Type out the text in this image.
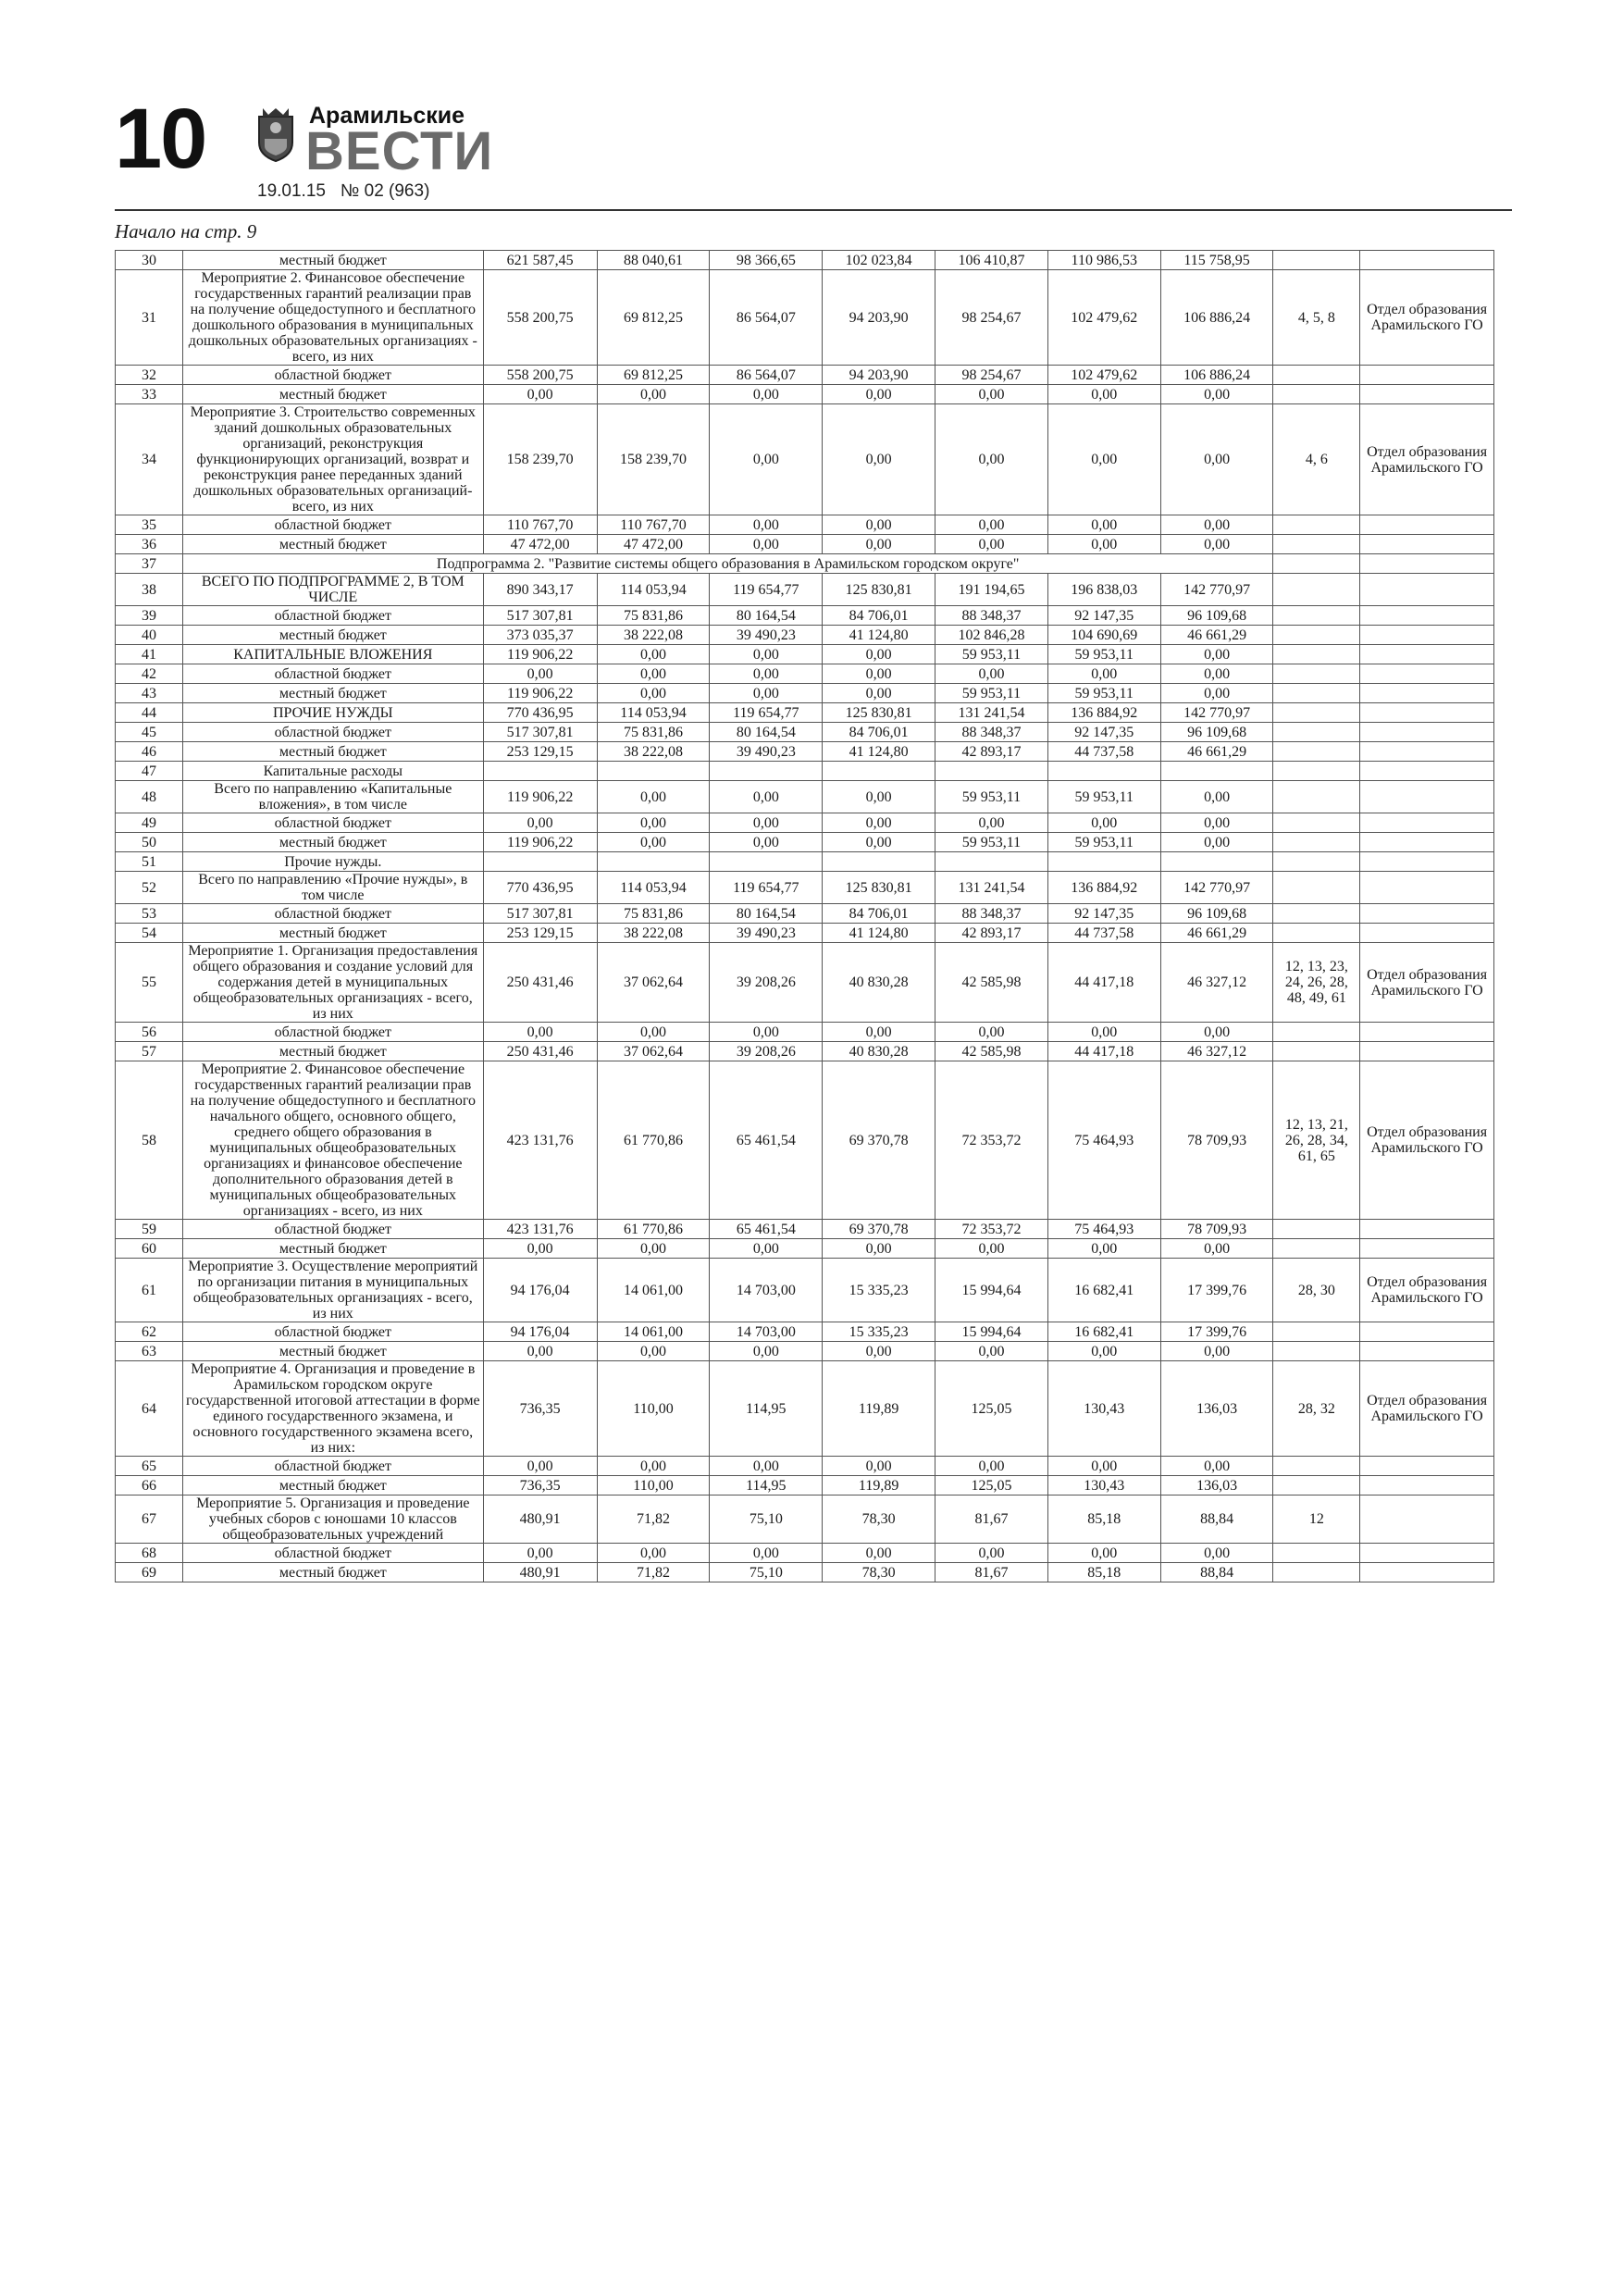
10	Арамильские
ВЕСТИ
19.01.15 № 02 (963)
Начало на стр. 9
30	местный бюджет	621 587,45	88 040,61	98 366,65	102 023,84	106 410,87	110 986,53	115 758,95		
31	Мероприятие 2. Финансовое обеспечение государственных гарантий реализации прав на получение общедоступного и бесплатного дошкольного образования в муниципальных дошкольных образовательных организациях - всего, из них	558 200,75	69 812,25	86 564,07	94 203,90	98 254,67	102 479,62	106 886,24	4, 5, 8	Отдел образования Арамильского ГО
32	областной бюджет	558 200,75	69 812,25	86 564,07	94 203,90	98 254,67	102 479,62	106 886,24		
33	местный бюджет	0,00	0,00	0,00	0,00	0,00	0,00	0,00		
34	Мероприятие 3. Строительство современных зданий дошкольных образовательных организаций, реконструкция функционирующих организаций, возврат и реконструкция ранее переданных зданий дошкольных образовательных организаций-всего, из них	158 239,70	158 239,70	0,00	0,00	0,00	0,00	0,00	4, 6	Отдел образования Арамильского ГО
35	областной бюджет	110 767,70	110 767,70	0,00	0,00	0,00	0,00	0,00		
36	местный бюджет	47 472,00	47 472,00	0,00	0,00	0,00	0,00	0,00		
37	Подпрограмма 2. "Развитие системы общего образования в Арамильском городском округе"									
38	ВСЕГО ПО ПОДПРОГРАММЕ 2, В ТОМ ЧИСЛЕ	890 343,17	114 053,94	119 654,77	125 830,81	191 194,65	196 838,03	142 770,97		
39	областной бюджет	517 307,81	75 831,86	80 164,54	84 706,01	88 348,37	92 147,35	96 109,68		
40	местный бюджет	373 035,37	38 222,08	39 490,23	41 124,80	102 846,28	104 690,69	46 661,29		
41	КАПИТАЛЬНЫЕ ВЛОЖЕНИЯ	119 906,22	0,00	0,00	0,00	59 953,11	59 953,11	0,00		
42	областной бюджет	0,00	0,00	0,00	0,00	0,00	0,00	0,00		
43	местный бюджет	119 906,22	0,00	0,00	0,00	59 953,11	59 953,11	0,00		
44	ПРОЧИЕ НУЖДЫ	770 436,95	114 053,94	119 654,77	125 830,81	131 241,54	136 884,92	142 770,97		
45	областной бюджет	517 307,81	75 831,86	80 164,54	84 706,01	88 348,37	92 147,35	96 109,68		
46	местный бюджет	253 129,15	38 222,08	39 490,23	41 124,80	42 893,17	44 737,58	46 661,29		
47	Капитальные расходы									
48	Всего по направлению «Капитальные вложения», в том числе	119 906,22	0,00	0,00	0,00	59 953,11	59 953,11	0,00		
49	областной бюджет	0,00	0,00	0,00	0,00	0,00	0,00	0,00		
50	местный бюджет	119 906,22	0,00	0,00	0,00	59 953,11	59 953,11	0,00		
51	Прочие нужды.									
52	Всего по направлению «Прочие нужды», в том числе	770 436,95	114 053,94	119 654,77	125 830,81	131 241,54	136 884,92	142 770,97		
53	областной бюджет	517 307,81	75 831,86	80 164,54	84 706,01	88 348,37	92 147,35	96 109,68		
54	местный бюджет	253 129,15	38 222,08	39 490,23	41 124,80	42 893,17	44 737,58	46 661,29		
55	Мероприятие 1. Организация предоставления общего образования и создание условий для содержания детей в муниципальных общеобразовательных организациях - всего, из них	250 431,46	37 062,64	39 208,26	40 830,28	42 585,98	44 417,18	46 327,12	12, 13, 23, 24, 26, 28, 48, 49, 61	Отдел образования Арамильского ГО
56	областной бюджет	0,00	0,00	0,00	0,00	0,00	0,00	0,00		
57	местный бюджет	250 431,46	37 062,64	39 208,26	40 830,28	42 585,98	44 417,18	46 327,12		
58	Мероприятие 2. Финансовое обеспечение государственных гарантий реализации прав на получение общедоступного и бесплатного начального общего, основного общего, среднего общего образования в муниципальных общеобразовательных организациях и финансовое обеспечение дополнительного образования детей в муниципальных общеобразовательных организациях - всего, из них	423 131,76	61 770,86	65 461,54	69 370,78	72 353,72	75 464,93	78 709,93	12, 13, 21, 26, 28, 34, 61, 65	Отдел образования Арамильского ГО
59	областной бюджет	423 131,76	61 770,86	65 461,54	69 370,78	72 353,72	75 464,93	78 709,93		
60	местный бюджет	0,00	0,00	0,00	0,00	0,00	0,00	0,00		
61	Мероприятие 3. Осуществление мероприятий по организации питания в муниципальных общеобразовательных организациях - всего, из них	94 176,04	14 061,00	14 703,00	15 335,23	15 994,64	16 682,41	17 399,76	28, 30	Отдел образования Арамильского ГО
62	областной бюджет	94 176,04	14 061,00	14 703,00	15 335,23	15 994,64	16 682,41	17 399,76		
63	местный бюджет	0,00	0,00	0,00	0,00	0,00	0,00	0,00		
64	Мероприятие 4. Организация и проведение в Арамильском городском округе государственной итоговой аттестации в форме единого государственного экзамена, и основного государственного экзамена всего, из них:	736,35	110,00	114,95	119,89	125,05	130,43	136,03	28, 32	Отдел образования Арамильского ГО
65	областной бюджет	0,00	0,00	0,00	0,00	0,00	0,00	0,00		
66	местный бюджет	736,35	110,00	114,95	119,89	125,05	130,43	136,03		
67	Мероприятие 5. Организация и проведение учебных сборов с юношами 10 классов общеобразовательных учреждений	480,91	71,82	75,10	78,30	81,67	85,18	88,84	12	
68	областной бюджет	0,00	0,00	0,00	0,00	0,00	0,00	0,00		
69	местный бюджет	480,91	71,82	75,10	78,30	81,67	85,18	88,84		
